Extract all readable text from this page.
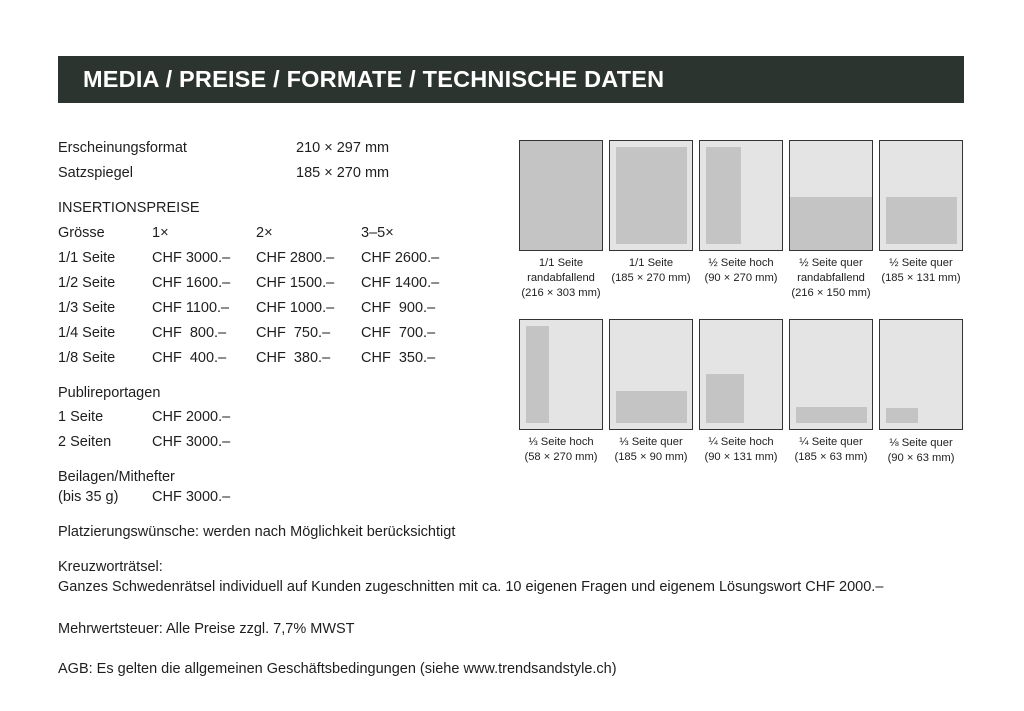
MEDIA / PREISE / FORMATE / TECHNISCHE DATEN
Erscheinungsformat	210 × 297 mm
Satzspiegel	185 × 270 mm
INSERTIONSPREISE
Grösse	1×	2×	3–5×
1/1 Seite	CHF 3000.– CHF 2800.– CHF 2600.–
1/2 Seite	CHF 1600.– CHF 1500.– CHF 1400.–
1/3 Seite	CHF 1100.– CHF 1000.– CHF  900.–
1/4 Seite	CHF  800.– CHF  750.– CHF  700.–
1/8 Seite	CHF  400.– CHF  380.– CHF  350.–
Publireportagen
1 Seite	CHF 2000.–
2 Seiten	CHF 3000.–
Beilagen/Mithefter
(bis 35 g) CHF 3000.–
Platzierungswünsche: werden nach Möglichkeit berücksichtigt
Kreuzworträtsel:
Ganzes Schwedenrätsel individuell auf Kunden zugeschnitten mit ca. 10 eigenen Fragen und eigenem Lösungswort CHF 2000.–
Mehrwertsteuer: Alle Preise zzgl. 7,7% MWST
AGB: Es gelten die allgemeinen Geschäftsbedingungen (siehe www.trendsandstyle.ch)
1/1 Seite
randabfallend
(216 × 303 mm)
1/1 Seite
(185 × 270 mm)
½ Seite hoch
(90 × 270 mm)
½ Seite quer
randabfallend
(216 × 150 mm)
½ Seite quer
(185 × 131 mm)
⅓ Seite hoch
(58 × 270 mm)
⅓ Seite quer
(185 × 90 mm)
¼ Seite hoch
(90 × 131 mm)
¼ Seite quer
(185 × 63 mm)
⅛ Seite quer
(90 × 63 mm)
